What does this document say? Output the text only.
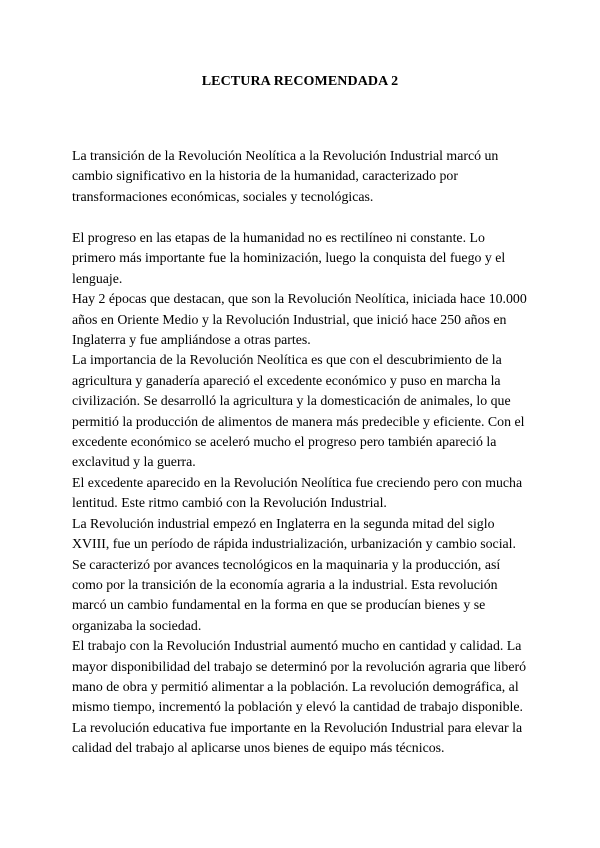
LECTURA RECOMENDADA 2

La transición de la Revolución Neolítica a la Revolución Industrial marcó un cambio significativo en la historia de la humanidad, caracterizado por transformaciones económicas, sociales y tecnológicas.

El progreso en las etapas de la humanidad no es rectilíneo ni constante. Lo primero más importante fue la hominización, luego la conquista del fuego y el lenguaje.

Hay 2 épocas que destacan, que son la Revolución Neolítica, iniciada hace 10.000 años en Oriente Medio y la Revolución Industrial, que inició hace 250 años en Inglaterra y fue ampliándose a otras partes.

La importancia de la Revolución Neolítica es que con el descubrimiento de la agricultura y ganadería apareció el excedente económico y puso en marcha la civilización. Se desarrolló la agricultura y la domesticación de animales, lo que permitió la producción de alimentos de manera más predecible y eficiente. Con el excedente económico se aceleró mucho el progreso pero también apareció la exclavitud y la guerra.

El excedente aparecido en la Revolución Neolítica fue creciendo pero con mucha lentitud. Este ritmo cambió con la Revolución Industrial.

La Revolución industrial empezó en Inglaterra en la segunda mitad del siglo XVIII, fue un período de rápida industrialización, urbanización y cambio social. Se caracterizó por avances tecnológicos en la maquinaria y la producción, así como por la transición de la economía agraria a la industrial. Esta revolución marcó un cambio fundamental en la forma en que se producían bienes y se organizaba la sociedad.

El trabajo con la Revolución Industrial aumentó mucho en cantidad y calidad. La mayor disponibilidad del trabajo se determinó por la revolución agraria que liberó mano de obra y permitió alimentar a la población. La revolución demográfica, al mismo tiempo, incrementó la población y elevó la cantidad de trabajo disponible.

La revolución educativa fue importante en la Revolución Industrial para elevar la calidad del trabajo al aplicarse unos bienes de equipo más técnicos.
